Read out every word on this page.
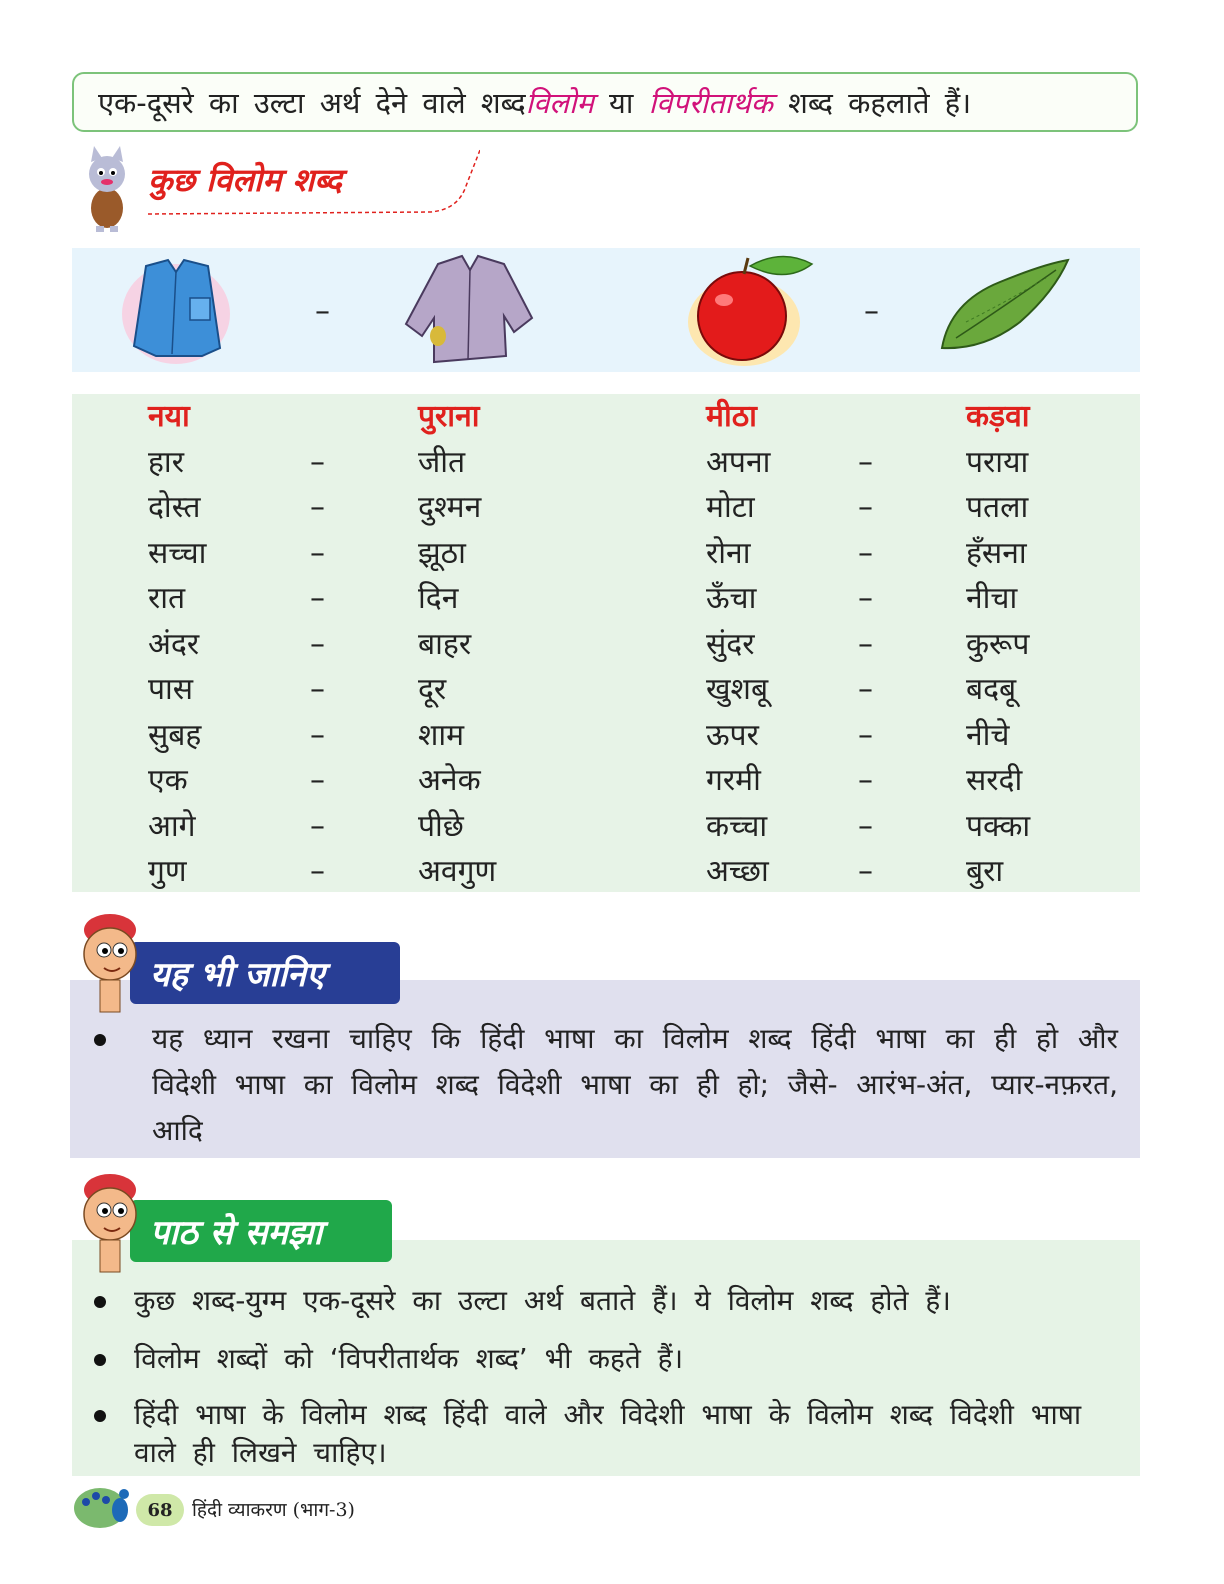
एक-दूसरे का उल्टा अर्थ देने वाले शब्द विलोम या विपरीतार्थक शब्द कहलाते हैं।
कुछ विलोम शब्द
–	–
नया
हार
दोस्त
सच्चा
रात
अंदर
पास
सुबह
एक
आगे
गुण
–
–
–
–
–
–
–
–
–
–
पुराना
जीत
दुश्मन
झूठा
दिन
बाहर
दूर
शाम
अनेक
पीछे
अवगुण
मीठा
अपना
मोटा
रोना
ऊँचा
सुंदर
खुशबू
ऊपर
गरमी
कच्चा
अच्छा
–
–
–
–
–
–
–
–
–
–
कड़वा
पराया
पतला
हँसना
नीचा
कुरूप
बदबू
नीचे
सरदी
पक्का
बुरा
यह भी जानिए
यह ध्यान रखना चाहिए कि हिंदी भाषा का विलोम शब्द हिंदी भाषा का ही हो और विदेशी भाषा का विलोम शब्द विदेशी भाषा का ही हो; जैसे- आरंभ-अंत, प्यार-नफ़रत, आदि
पाठ से समझा
कुछ शब्द-युग्म एक-दूसरे का उल्टा अर्थ बताते हैं। ये विलोम शब्द होते हैं।
विलोम शब्दों को ‘विपरीतार्थक शब्द’ भी कहते हैं।
हिंदी भाषा के विलोम शब्द हिंदी वाले और विदेशी भाषा के विलोम शब्द विदेशी भाषा वाले ही लिखने चाहिए।
68	हिंदी व्याकरण (भाग-3)
